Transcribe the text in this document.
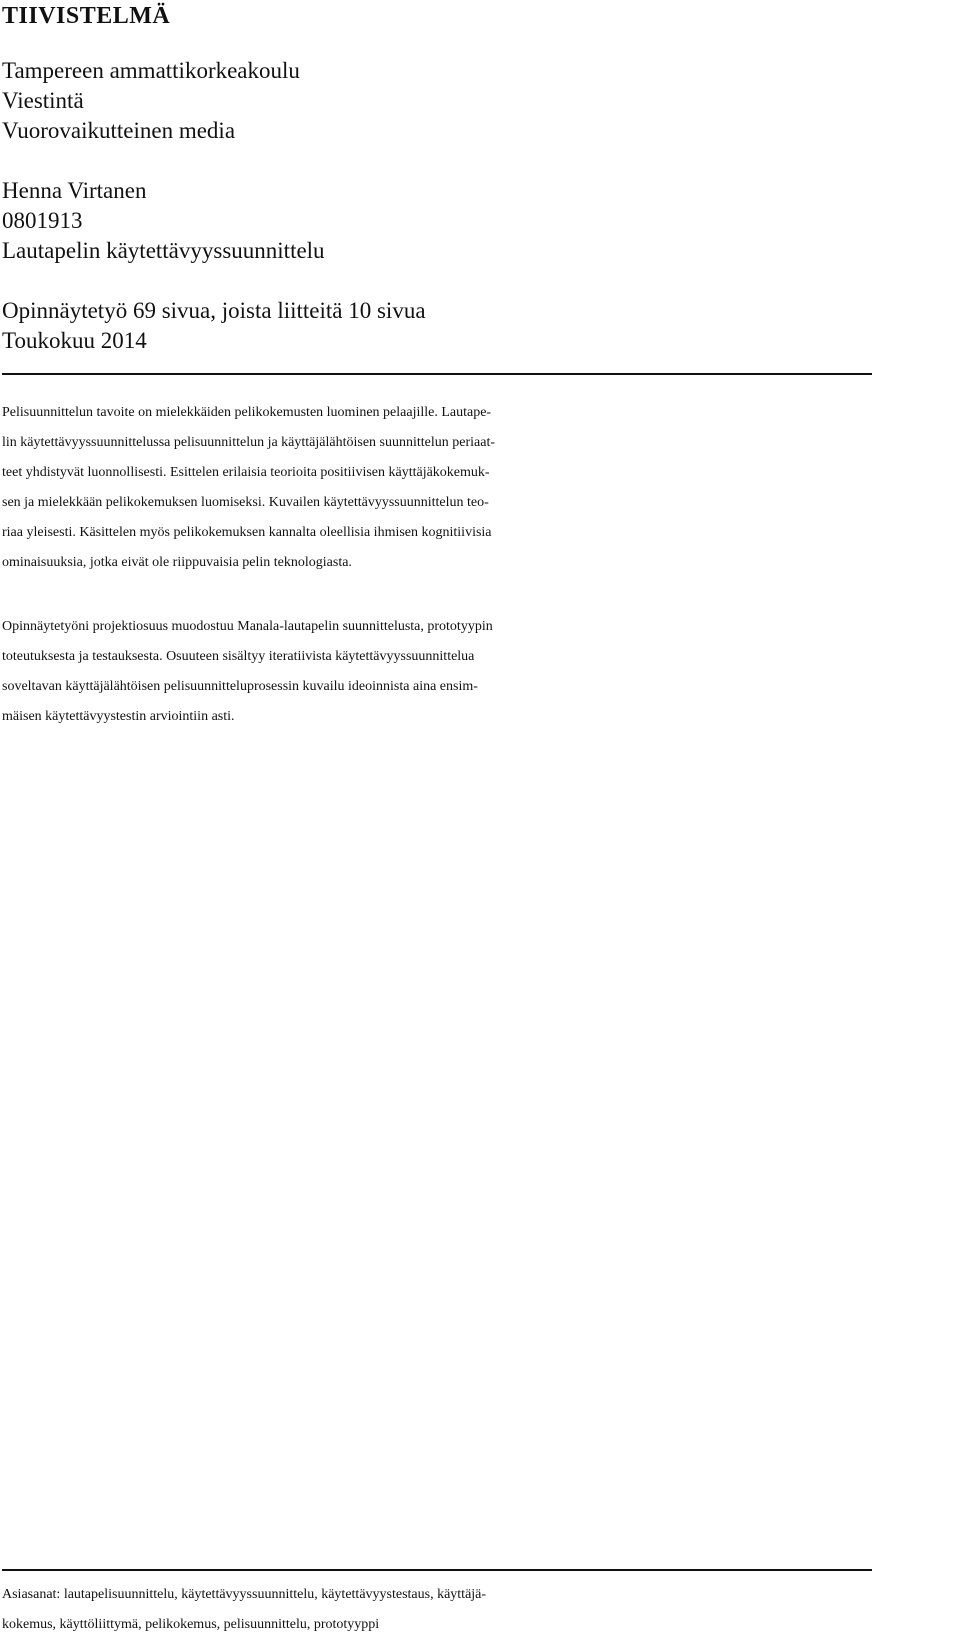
TIIVISTELMÄ

Tampereen ammattikorkeakoulu

Viestintä

Vuorovaikutteinen media

Henna Virtanen

0801913

Lautapelin käytettävyyssuunnittelu

Opinnäytetyö 69 sivua, joista liitteitä 10 sivua

Toukokuu 2014

Pelisuunnittelun tavoite on mielekkäiden pelikokemusten luominen pelaajille. Lautape-
lin käytettävyyssuunnittelussa pelisuunnittelun ja käyttäjälähtöisen suunnittelun periaat-
teet yhdistyvät luonnollisesti. Esittelen erilaisia teorioita positiivisen käyttäjäkokemuk-
sen ja mielekkään pelikokemuksen luomiseksi. Kuvailen käytettävyyssuunnittelun teo-
riaa yleisesti. Käsittelen myös pelikokemuksen kannalta oleellisia ihmisen kognitiivisia
ominaisuuksia, jotka eivät ole riippuvaisia pelin teknologiasta.
Opinnäytetyöni projektiosuus muodostuu Manala-lautapelin suunnittelusta, prototyypin
toteutuksesta ja testauksesta. Osuuteen sisältyy iteratiivista käytettävyyssuunnittelua
soveltavan käyttäjälähtöisen pelisuunnitteluprosessin kuvailu ideoinnista aina ensim-
mäisen käytettävyystestin arviointiin asti.
Asiasanat: lautapelisuunnittelu, käytettävyyssuunnittelu, käytettävyystestaus, käyttäjä-
kokemus, käyttöliittymä, pelikokemus, pelisuunnittelu, prototyyppi
